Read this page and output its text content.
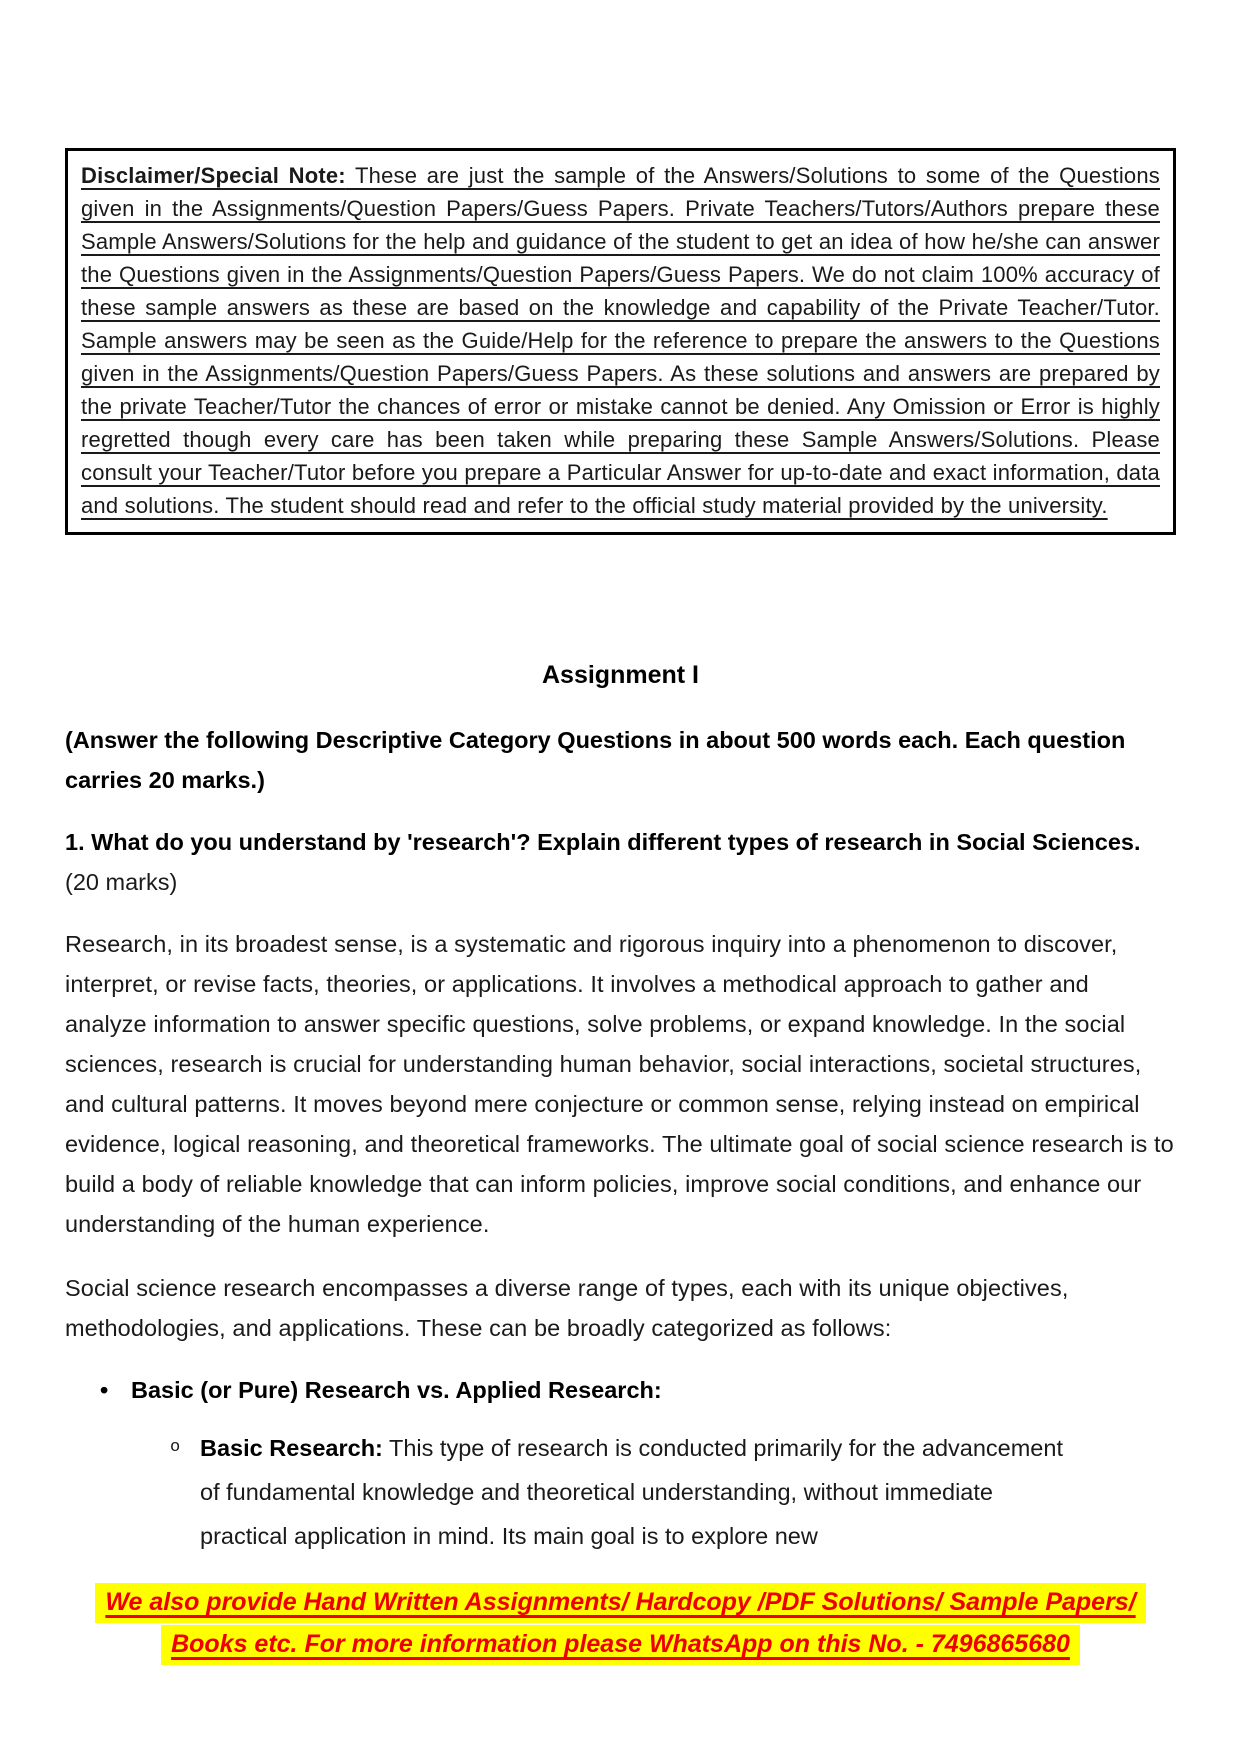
Disclaimer/Special Note: These are just the sample of the Answers/Solutions to some of the Questions given in the Assignments/Question Papers/Guess Papers. Private Teachers/Tutors/Authors prepare these Sample Answers/Solutions for the help and guidance of the student to get an idea of how he/she can answer the Questions given in the Assignments/Question Papers/Guess Papers. We do not claim 100% accuracy of these sample answers as these are based on the knowledge and capability of the Private Teacher/Tutor. Sample answers may be seen as the Guide/Help for the reference to prepare the answers to the Questions given in the Assignments/Question Papers/Guess Papers. As these solutions and answers are prepared by the private Teacher/Tutor the chances of error or mistake cannot be denied. Any Omission or Error is highly regretted though every care has been taken while preparing these Sample Answers/Solutions. Please consult your Teacher/Tutor before you prepare a Particular Answer for up-to-date and exact information, data and solutions. The student should read and refer to the official study material provided by the university.

Assignment I

(Answer the following Descriptive Category Questions in about 500 words each. Each question carries 20 marks.)

1. What do you understand by 'research'? Explain different types of research in Social Sciences. (20 marks)

Research, in its broadest sense, is a systematic and rigorous inquiry into a phenomenon to discover, interpret, or revise facts, theories, or applications. It involves a methodical approach to gather and analyze information to answer specific questions, solve problems, or expand knowledge. In the social sciences, research is crucial for understanding human behavior, social interactions, societal structures, and cultural patterns. It moves beyond mere conjecture or common sense, relying instead on empirical evidence, logical reasoning, and theoretical frameworks. The ultimate goal of social science research is to build a body of reliable knowledge that can inform policies, improve social conditions, and enhance our understanding of the human experience.

Social science research encompasses a diverse range of types, each with its unique objectives, methodologies, and applications. These can be broadly categorized as follows:

• Basic (or Pure) Research vs. Applied Research:
o Basic Research: This type of research is conducted primarily for the advancement of fundamental knowledge and theoretical understanding, without immediate practical application in mind. Its main goal is to explore new
We also provide Hand Written Assignments/ Hardcopy /PDF Solutions/ Sample Papers/
Books etc. For more information please WhatsApp on this No. - 7496865680
